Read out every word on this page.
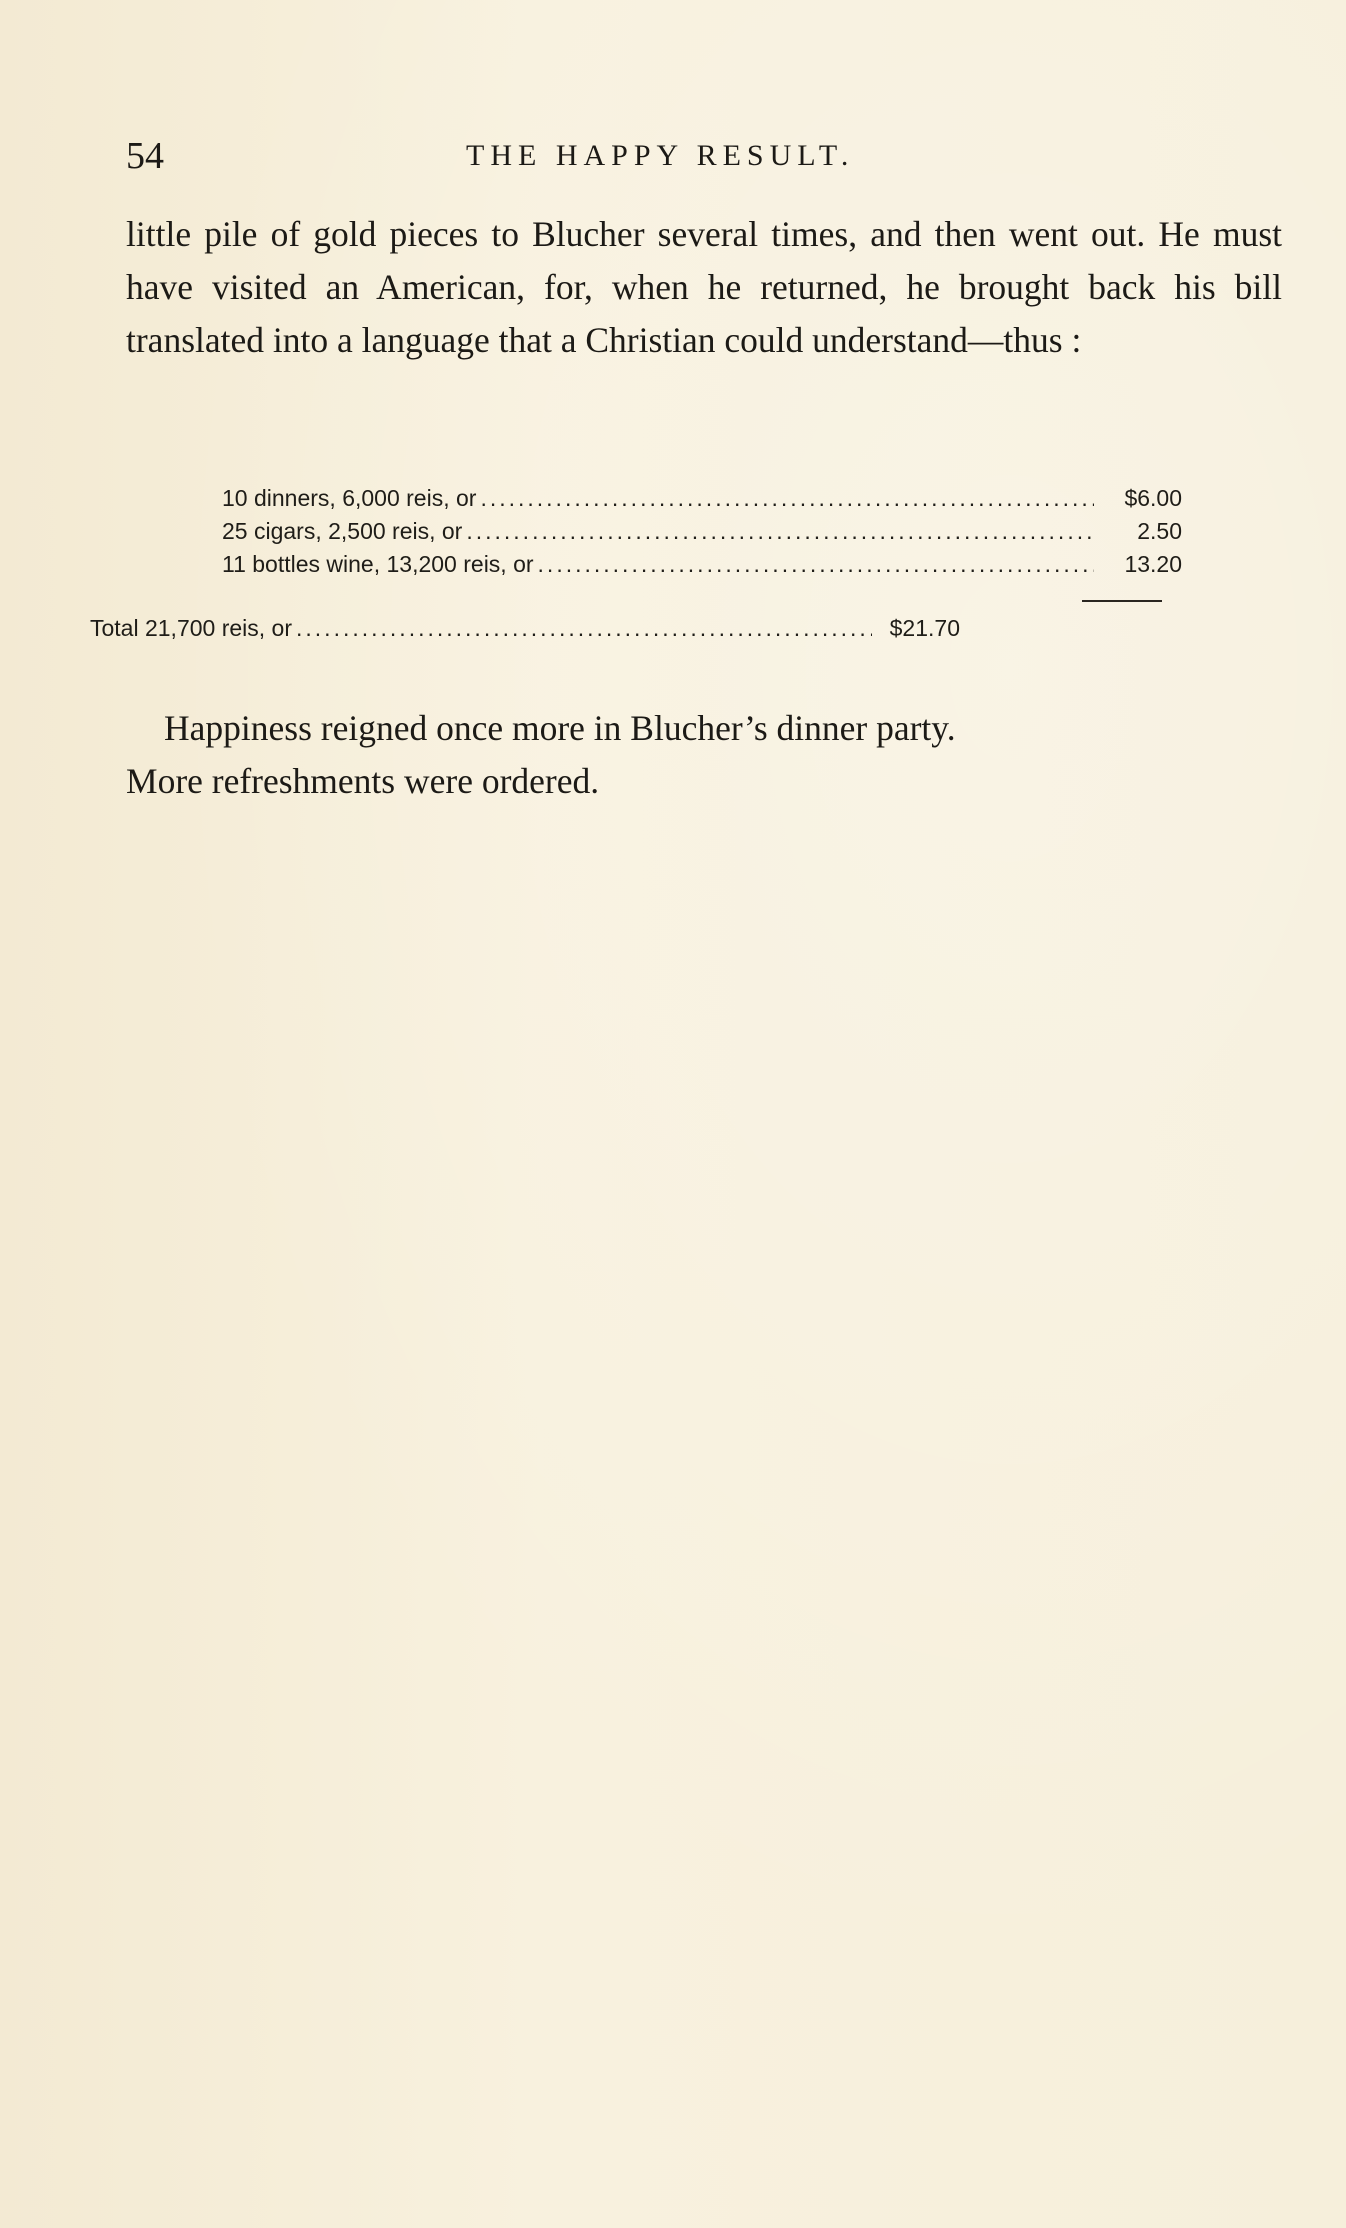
54	THE HAPPY RESULT.

little pile of gold pieces to Blucher several times, and then went out. He must have visited an American, for, when he returned, he brought back his bill translated into a language that a Christian could understand—thus :

10 dinners, 6,000 reis, or .....	$6.00
25 cigars, 2,500 reis, or .....	2.50
11 bottles wine, 13,200 reis, or .....	13.20
Total 21,700 reis, or .....	$21.70

Happiness reigned once more in Blucher’s dinner party.
More refreshments were ordered.
